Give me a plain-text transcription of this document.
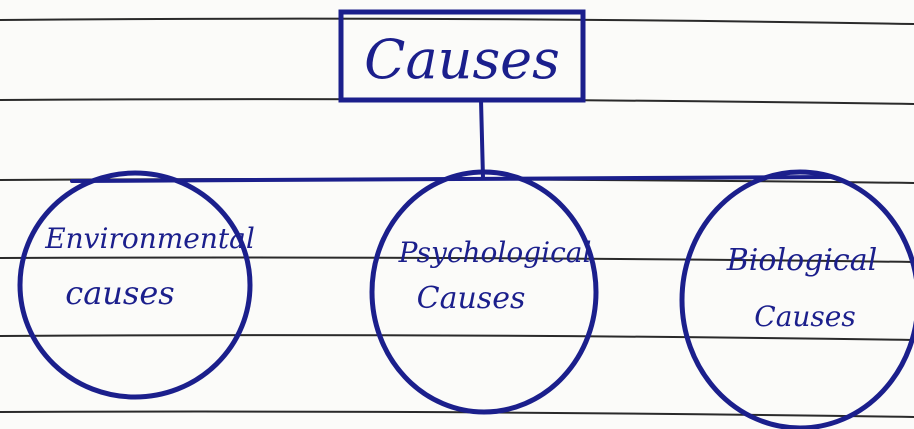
Causes
Environmental
causes
Psychological
Causes
Biological
Causes
